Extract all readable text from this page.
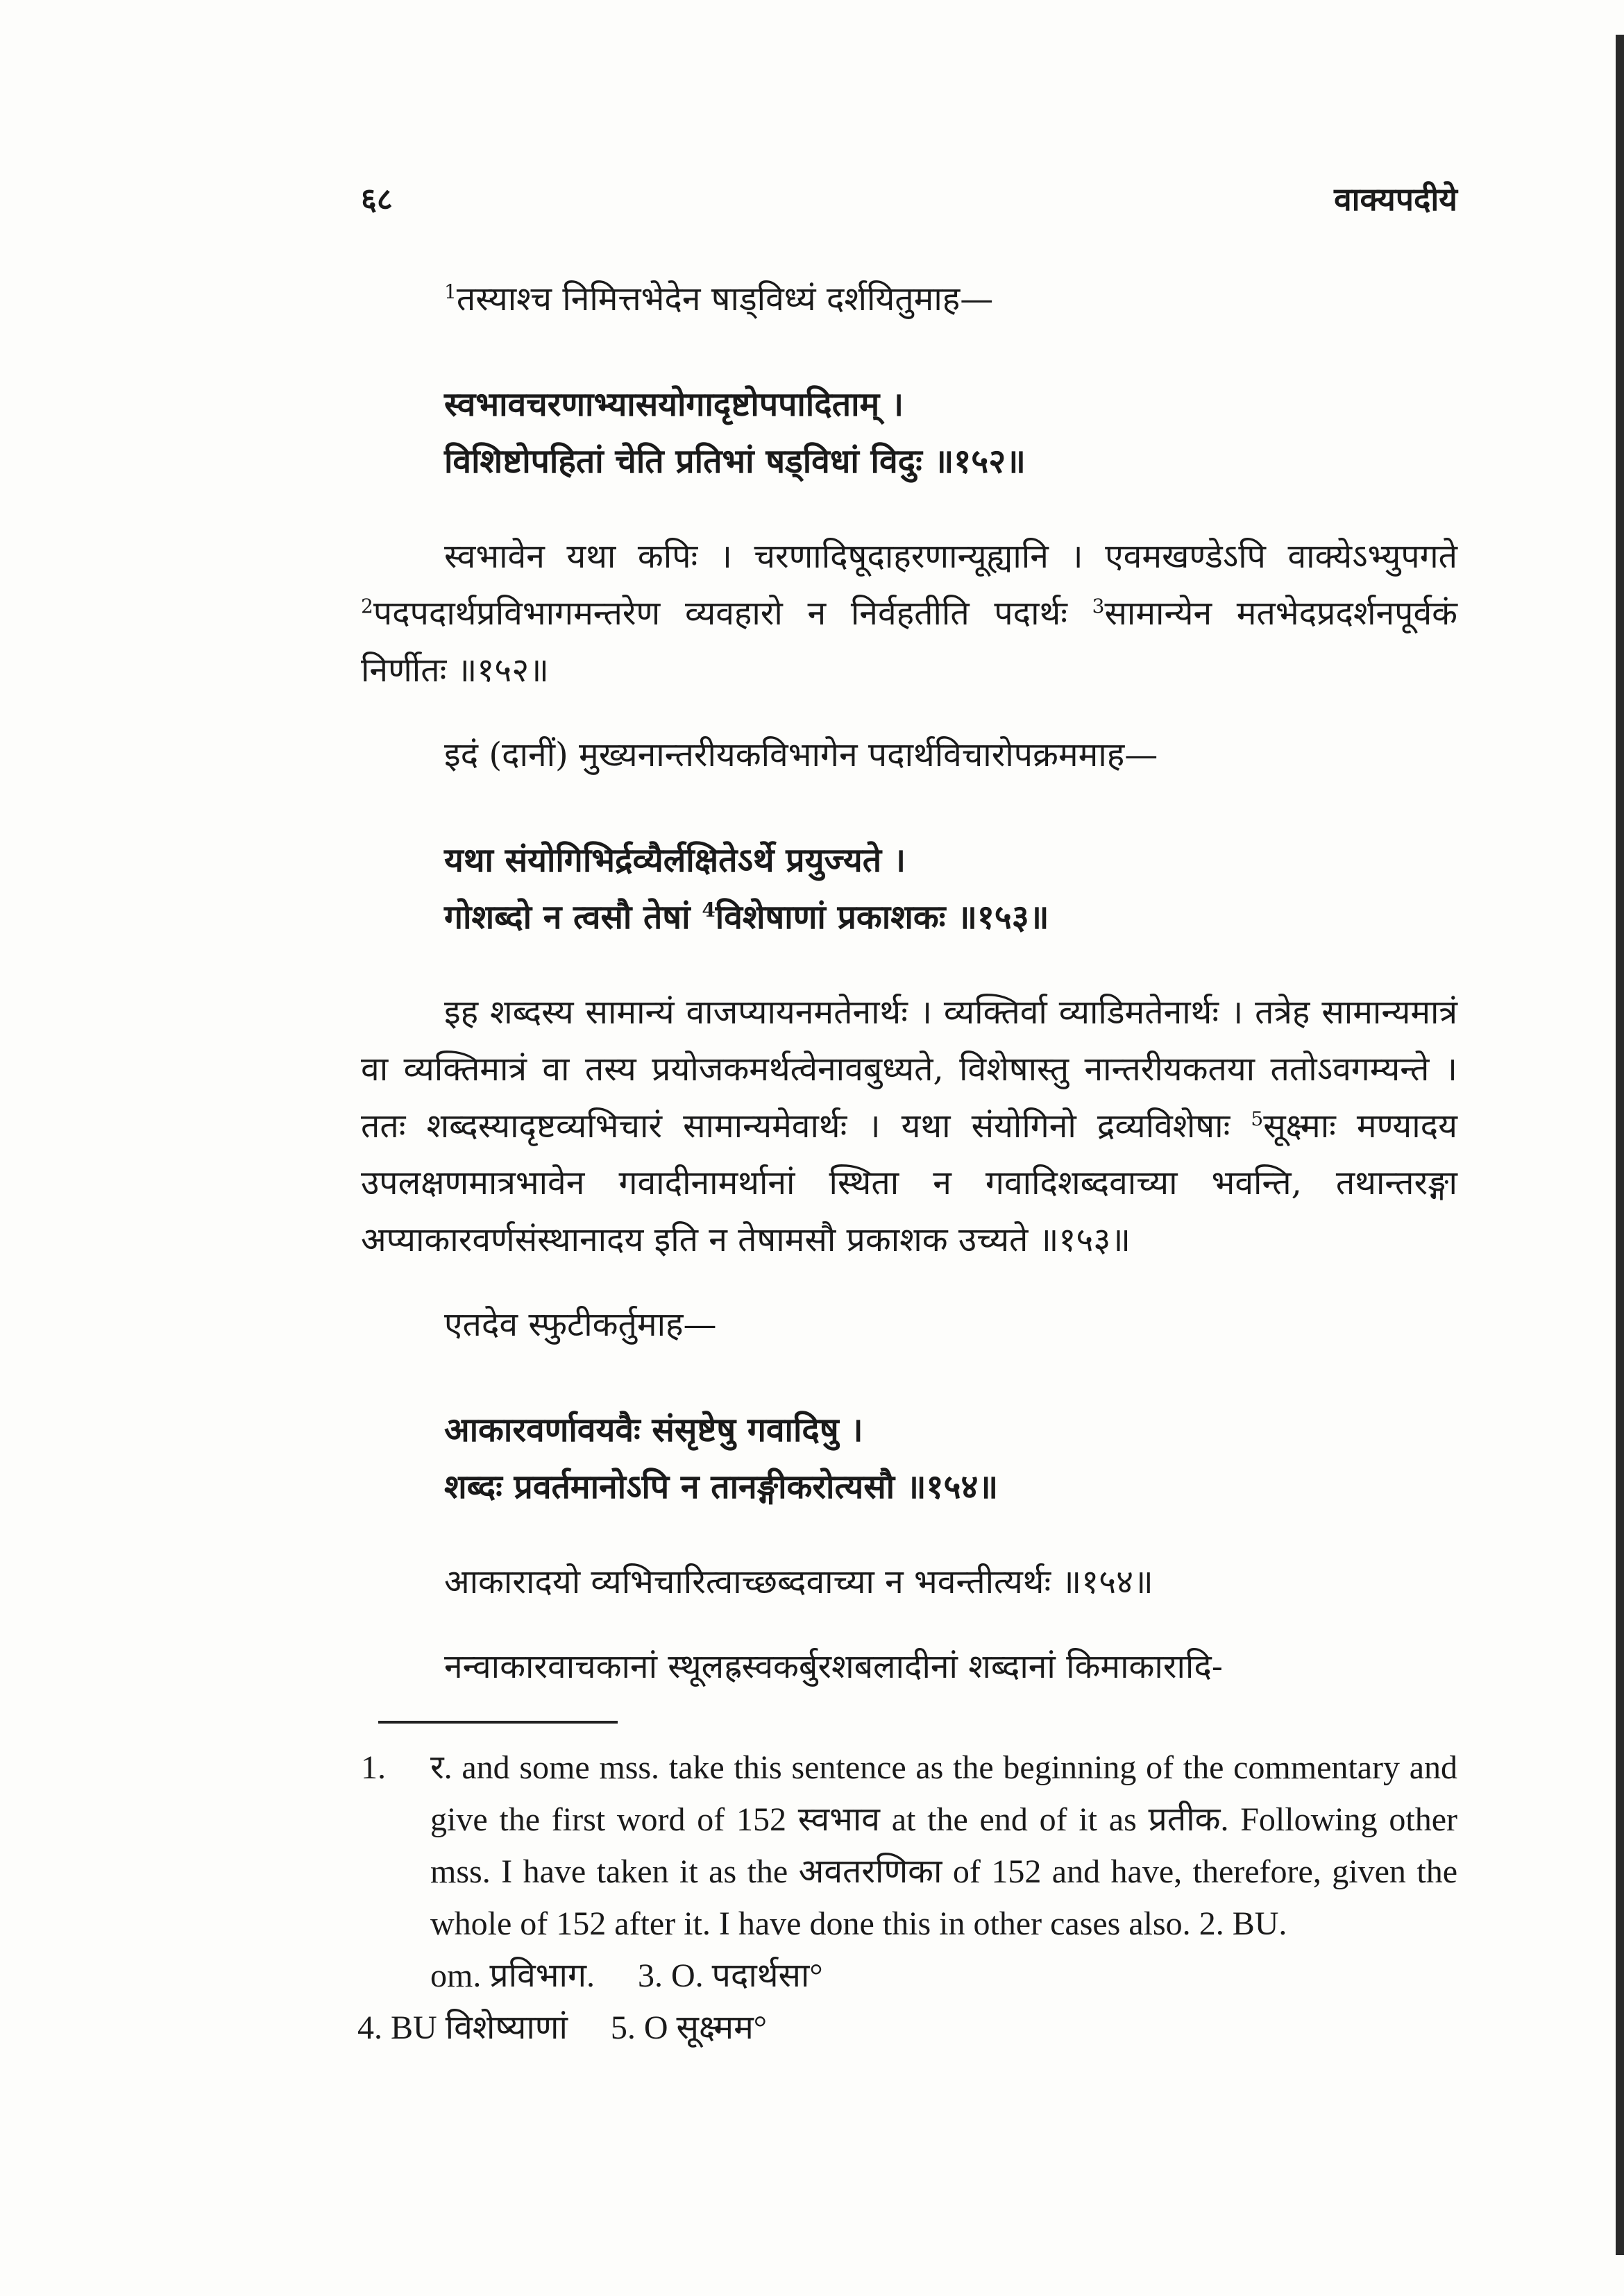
६८	वाक्यपदीये

$^1$तस्याश्च निमित्तभेदेन षाड्विध्यं दर्शयितुमाह—

स्वभावचरणाभ्यासयोगादृष्टोपपादिताम् ।
विशिष्टोपहितां चेति प्रतिभां षड्विधां विदुः ॥१५२॥

स्वभावेन यथा कपिः । चरणादिषूदाहरणान्यूह्यानि । एवमखण्डेऽपि वाक्येऽभ्युपगते $^2$पदपदार्थप्रविभागमन्तरेण व्यवहारो न निर्वहतीति पदार्थः $^3$सामान्येन मतभेदप्रदर्शनपूर्वकं निर्णीतः ॥१५२॥

इदं (दानीं) मुख्यनान्तरीयकविभागेन पदार्थविचारोपक्रममाह—

यथा संयोगिभिर्द्रव्यैर्लक्षितेऽर्थे प्रयुज्यते ।
गोशब्दो न त्वसौ तेषां $^4$विशेषाणां प्रकाशकः ॥१५३॥

इह शब्दस्य सामान्यं वाजप्यायनमतेनार्थः । व्यक्तिर्वा व्याडिमतेनार्थः । तत्रेह सामान्यमात्रं वा व्यक्तिमात्रं वा तस्य प्रयोजकमर्थत्वेनावबुध्यते, विशेषास्तु नान्तरीयकतया ततोऽवगम्यन्ते । ततः शब्दस्यादृष्टव्यभिचारं सामान्यमेवार्थः । यथा संयोगिनो द्रव्यविशेषाः $^5$सूक्ष्माः मण्यादय उपलक्षणमात्रभावेन गवादीनामर्थानां स्थिता न गवादिशब्दवाच्या भवन्ति, तथान्तरङ्गा अप्याकारवर्णसंस्थानादय इति न तेषामसौ प्रकाशक उच्यते ॥१५३॥

एतदेव स्फुटीकर्तुमाह—

आकारवर्णावयवैः संसृष्टेषु गवादिषु ।
शब्दः प्रवर्तमानोऽपि न तानङ्गीकरोत्यसौ ॥१५४॥

आकारादयो व्यभिचारित्वाच्छब्दवाच्या न भवन्तीत्यर्थः ॥१५४॥

नन्वाकारवाचकानां स्थूलह्रस्वकर्बुरशबलादीनां शब्दानां किमाकारादि-

1.	र. and some mss. take this sentence as the beginning of the commentary and give the first word of 152 स्वभाव at the end of it as प्रतीक. Following other mss. I have taken it as the अवतरणिका of 152 and have, therefore, given the whole of 152 after it. I have done this in other cases also. 2. BU.
om. प्रविभाग. 3. O. पदार्थसा°
4. BU विशेष्याणां 5. O सूक्ष्मम°
